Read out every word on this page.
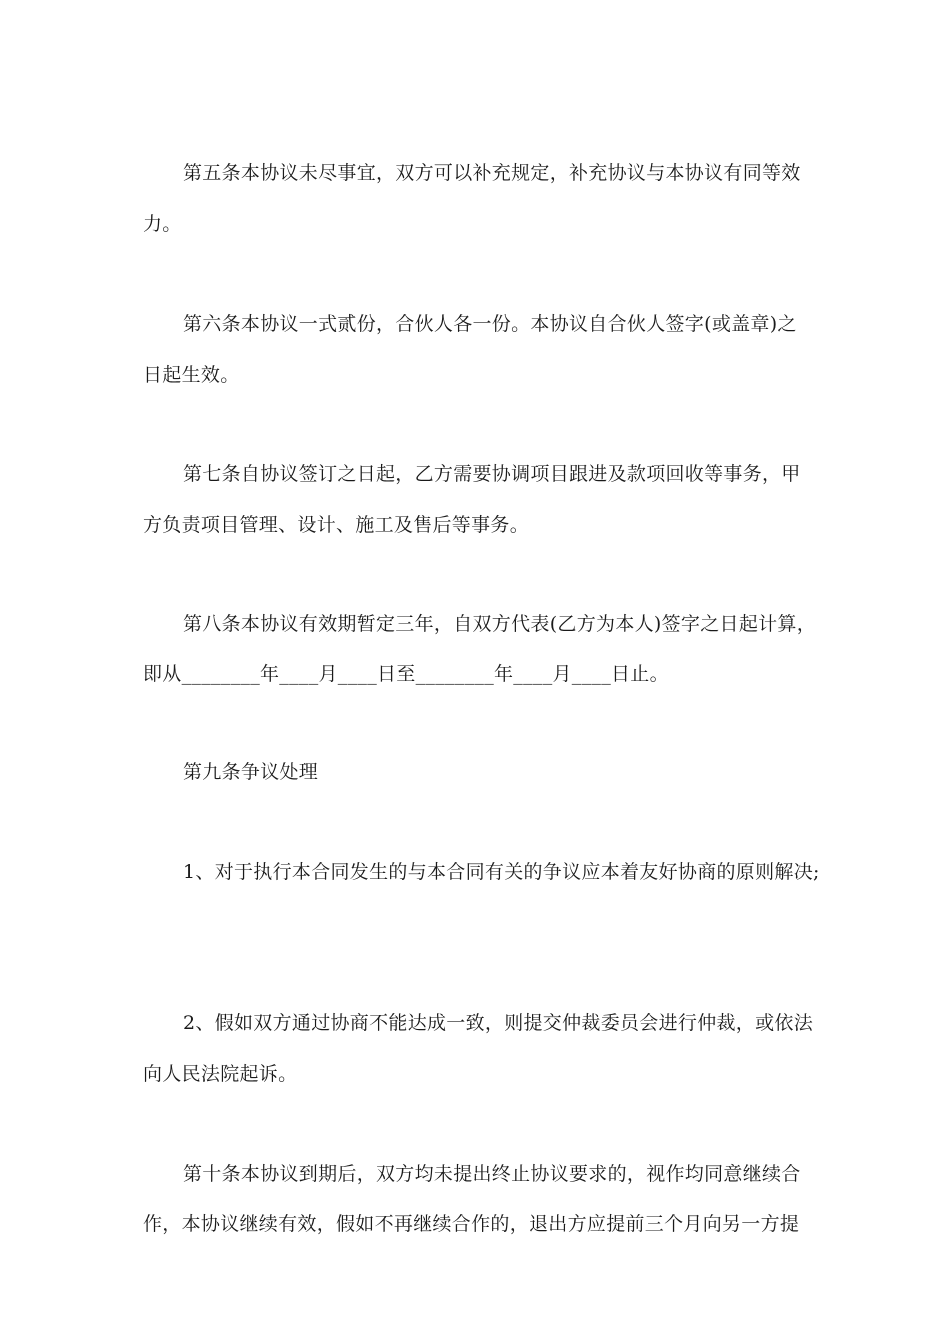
第五条本协议未尽事宜，双方可以补充规定，补充协议与本协议有同等效
力。
第六条本协议一式贰份，合伙人各一份。本协议自合伙人签字(或盖章)之
日起生效。
第七条自协议签订之日起，乙方需要协调项目跟进及款项回收等事务，甲
方负责项目管理、设计、施工及售后等事务。
第八条本协议有效期暂定三年，自双方代表(乙方为本人)签字之日起计算，
即从________年____月____日至________年____月____日止。
第九条争议处理
1、对于执行本合同发生的与本合同有关的争议应本着友好协商的原则解决;
2、假如双方通过协商不能达成一致，则提交仲裁委员会进行仲裁，或依法
向人民法院起诉。
第十条本协议到期后，双方均未提出终止协议要求的，视作均同意继续合
作，本协议继续有效，假如不再继续合作的，退出方应提前三个月向另一方提
